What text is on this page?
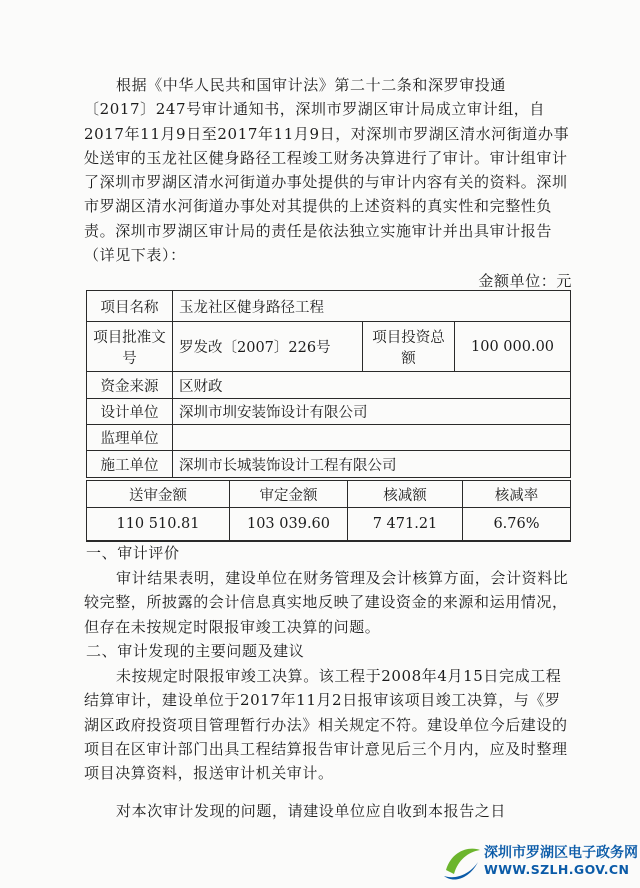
根据《中华人民共和国审计法》第二十二条和深罗审投通〔2017〕247号审计通知书，深圳市罗湖区审计局成立审计组，自2017年11月9日至2017年11月9日，对深圳市罗湖区清水河街道办事处送审的玉龙社区健身路径工程竣工财务决算进行了审计。审计组审计了深圳市罗湖区清水河街道办事处提供的与审计内容有关的资料。深圳市罗湖区清水河街道办事处对其提供的上述资料的真实性和完整性负责。深圳市罗湖区审计局的责任是依法独立实施审计并出具审计报告（详见下表）：
金额单位：元
项目名称	玉龙社区健身路径工程		
项目批准文号	罗发改〔2007〕226号	项目投资总额	100 000.00
资金来源	区财政		
设计单位	深圳市圳安装饰设计有限公司		
监理单位			
施工单位	深圳市长城装饰设计工程有限公司		
送审金额	审定金额	核减额	核减率
110 510.81	103 039.60	7 471.21	6.76%
一、审计评价
审计结果表明，建设单位在财务管理及会计核算方面，会计资料比较完整，所披露的会计信息真实地反映了建设资金的来源和运用情况，但存在未按规定时限报审竣工决算的问题。
二、审计发现的主要问题及建议
未按规定时限报审竣工决算。该工程于2008年4月15日完成工程结算审计，建设单位于2017年11月2日报审该项目竣工决算，与《罗湖区政府投资项目管理暂行办法》相关规定不符。建设单位今后建设的项目在区审计部门出具工程结算报告审计意见后三个月内，应及时整理项目决算资料，报送审计机关审计。
对本次审计发现的问题，请建设单位应自收到本报告之日
深圳市罗湖区电子政务网
WWW.SZLH.GOV.CN
